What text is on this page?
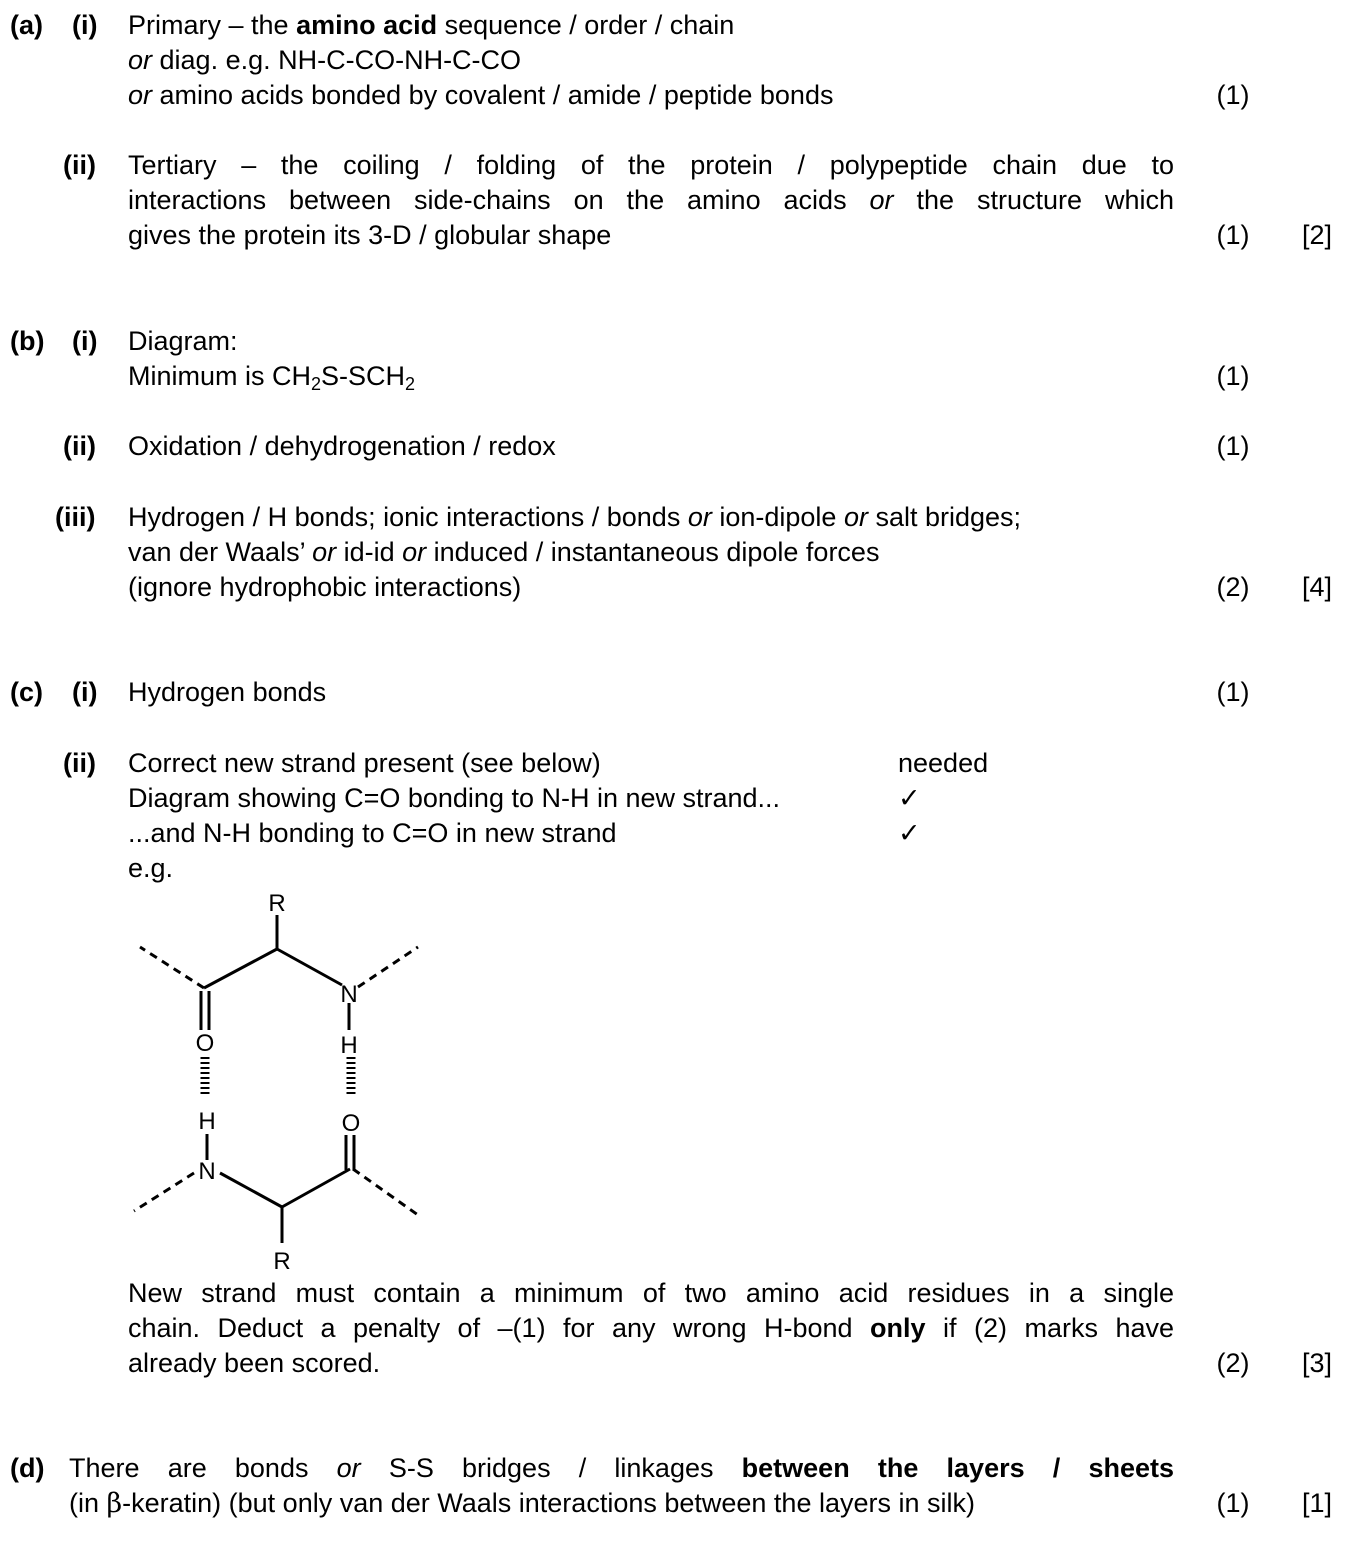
(a) (i) Primary – the amino acid sequence / order / chain
or diag. e.g. NH-C-CO-NH-C-CO
or amino acids bonded by covalent / amide / peptide bonds	(1)
(ii) Tertiary – the coiling / folding of the protein / polypeptide chain due to
interactions between side-chains on the amino acids or the structure which
gives the protein its 3-D / globular shape	(1)	[2]
(b) (i) Diagram:
Minimum is $CH_2S-SCH_2$	(1)
(ii) Oxidation / dehydrogenation / redox	(1)
(iii) Hydrogen / H bonds; ionic interactions / bonds or ion-dipole or salt bridges;
van der Waals’ or id-id or induced / instantaneous dipole forces
(ignore hydrophobic interactions)	(2)	[4]
(c) (i) Hydrogen bonds	(1)
(ii) Correct new strand present (see below)	needed
Diagram showing C=O bonding to N-H in new strand...	✓
...and N-H bonding to C=O in new strand	✓
e.g.
R
N
H
O
H	O
N
R
New strand must contain a minimum of two amino acid residues in a single
chain. Deduct a penalty of –(1) for any wrong H-bond only if (2) marks have
already been scored.	(2)	[3]
(d) There are bonds or S-S bridges / linkages between the layers / sheets
(in β-keratin) (but only van der Waals interactions between the layers in silk)	(1)	[1]
